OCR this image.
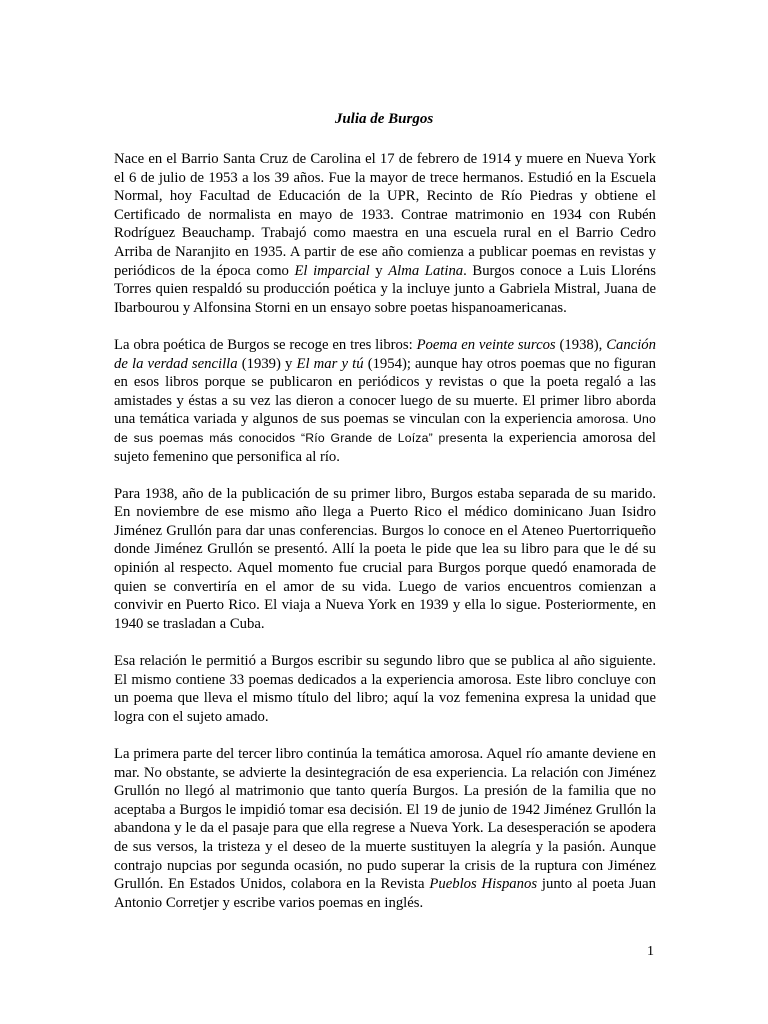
Julia de Burgos

Nace en el Barrio Santa Cruz de Carolina el 17 de febrero de 1914 y muere en Nueva York el 6 de julio de 1953 a los 39 años. Fue la mayor de trece hermanos. Estudió en la Escuela Normal, hoy Facultad de Educación de la UPR, Recinto de Río Piedras y obtiene el Certificado de normalista en mayo de 1933. Contrae matrimonio en 1934 con Rubén Rodríguez Beauchamp. Trabajó como maestra en una escuela rural en el Barrio Cedro Arriba de Naranjito en 1935. A partir de ese año comienza a publicar poemas en revistas y periódicos de la época como El imparcial y Alma Latina. Burgos conoce a Luis Lloréns Torres quien respaldó su producción poética y la incluye junto a Gabriela Mistral, Juana de Ibarbourou y Alfonsina Storni en un ensayo sobre poetas hispanoamericanas.

La obra poética de Burgos se recoge en tres libros: Poema en veinte surcos (1938), Canción de la verdad sencilla (1939) y El mar y tú (1954); aunque hay otros poemas que no figuran en esos libros porque se publicaron en periódicos y revistas o que la poeta regaló a las amistades y éstas a su vez las dieron a conocer luego de su muerte. El primer libro aborda una temática variada y algunos de sus poemas se vinculan con la experiencia amorosa. Uno de sus poemas más conocidos “Río Grande de Loíza” presenta la experiencia amorosa del sujeto femenino que personifica al río.

Para 1938, año de la publicación de su primer libro, Burgos estaba separada de su marido. En noviembre de ese mismo año llega a Puerto Rico el médico dominicano Juan Isidro Jiménez Grullón para dar unas conferencias. Burgos lo conoce en el Ateneo Puertorriqueño donde Jiménez Grullón se presentó. Allí la poeta le pide que lea su libro para que le dé su opinión al respecto. Aquel momento fue crucial para Burgos porque quedó enamorada de quien se convertiría en el amor de su vida. Luego de varios encuentros comienzan a convivir en Puerto Rico. El viaja a Nueva York en 1939 y ella lo sigue. Posteriormente, en 1940 se trasladan a Cuba.

Esa relación le permitió a Burgos escribir su segundo libro que se publica al año siguiente. El mismo contiene 33 poemas dedicados a la experiencia amorosa. Este libro concluye con un poema que lleva el mismo título del libro; aquí la voz femenina expresa la unidad que logra con el sujeto amado.

La primera parte del tercer libro continúa la temática amorosa. Aquel río amante deviene en mar. No obstante, se advierte la desintegración de esa experiencia. La relación con Jiménez Grullón no llegó al matrimonio que tanto quería Burgos. La presión de la familia que no aceptaba a Burgos le impidió tomar esa decisión. El 19 de junio de 1942 Jiménez Grullón la abandona y le da el pasaje para que ella regrese a Nueva York. La desesperación se apodera de sus versos, la tristeza y el deseo de la muerte sustituyen la alegría y la pasión. Aunque contrajo nupcias por segunda ocasión, no pudo superar la crisis de la ruptura con Jiménez Grullón. En Estados Unidos, colabora en la Revista Pueblos Hispanos junto al poeta Juan Antonio Corretjer y escribe varios poemas en inglés.

1
